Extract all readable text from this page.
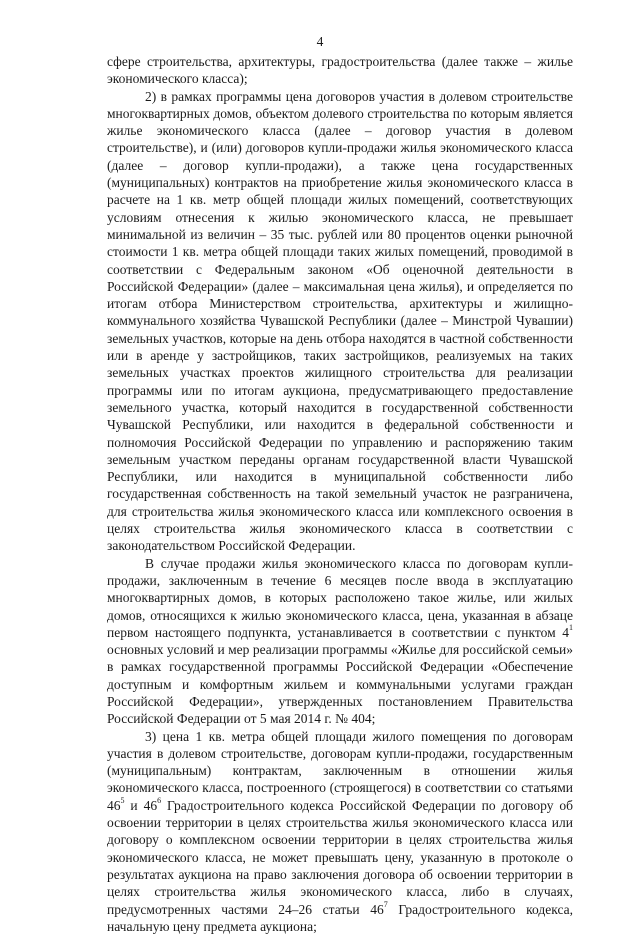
4

сфере строительства, архитектуры, градостроительства (далее также – жилье экономического класса);

2) в рамках программы цена договоров участия в долевом строительстве многоквартирных домов, объектом долевого строительства по которым является жилье экономического класса (далее – договор участия в долевом строительстве), и (или) договоров купли-продажи жилья экономического класса (далее – договор купли-продажи), а также цена государственных (муниципальных) контрактов на приобретение жилья экономического класса в расчете на 1 кв. метр общей площади жилых помещений, соответствующих условиям отнесения к жилью экономического класса, не превышает минимальной из величин – 35 тыс. рублей или 80 процентов оценки рыночной стоимости 1 кв. метра общей площади таких жилых помещений, проводимой в соответствии с Федеральным законом «Об оценочной деятельности в Российской Федерации» (далее – максимальная цена жилья), и определяется по итогам отбора Министерством строительства, архитектуры и жилищно-коммунального хозяйства Чувашской Республики (далее – Минстрой Чувашии) земельных участков, которые на день отбора находятся в частной собственности или в аренде у застройщиков, таких застройщиков, реализуемых на таких земельных участках проектов жилищного строительства для реализации программы или по итогам аукциона, предусматривающего предоставление земельного участка, который находится в государственной собственности Чувашской Республики, или находится в федеральной собственности и полномочия Российской Федерации по управлению и распоряжению таким земельным участком переданы органам государственной власти Чувашской Республики, или находится в муниципальной собственности либо государственная собственность на такой земельный участок не разграничена, для строительства жилья экономического класса или комплексного освоения в целях строительства жилья экономического класса в соответствии с законодательством Российской Федерации.

В случае продажи жилья экономического класса по договорам купли-продажи, заключенным в течение 6 месяцев после ввода в эксплуатацию многоквартирных домов, в которых расположено такое жилье, или жилых домов, относящихся к жилью экономического класса, цена, указанная в абзаце первом настоящего подпункта, устанавливается в соответствии с пунктом $4^1$ основных условий и мер реализации программы «Жилье для российской семьи» в рамках государственной программы Российской Федерации «Обеспечение доступным и комфортным жильем и коммунальными услугами граждан Российской Федерации», утвержденных постановлением Правительства Российской Федерации от 5 мая 2014 г. № 404;

3) цена 1 кв. метра общей площади жилого помещения по договорам участия в долевом строительстве, договорам купли-продажи, государственным (муниципальным) контрактам, заключенным в отношении жилья экономического класса, построенного (строящегося) в соответствии со статьями $46^5$ и $46^6$ Градостроительного кодекса Российской Федерации по договору об освоении территории в целях строительства жилья экономического класса или договору о комплексном освоении территории в целях строительства жилья экономического класса, не может превышать цену, указанную в протоколе о результатах аукциона на право заключения договора об освоении территории в целях строительства жилья экономического класса, либо в случаях, предусмотренных частями 24–26 статьи $46^7$ Градостроительного кодекса, начальную цену предмета аукциона;
